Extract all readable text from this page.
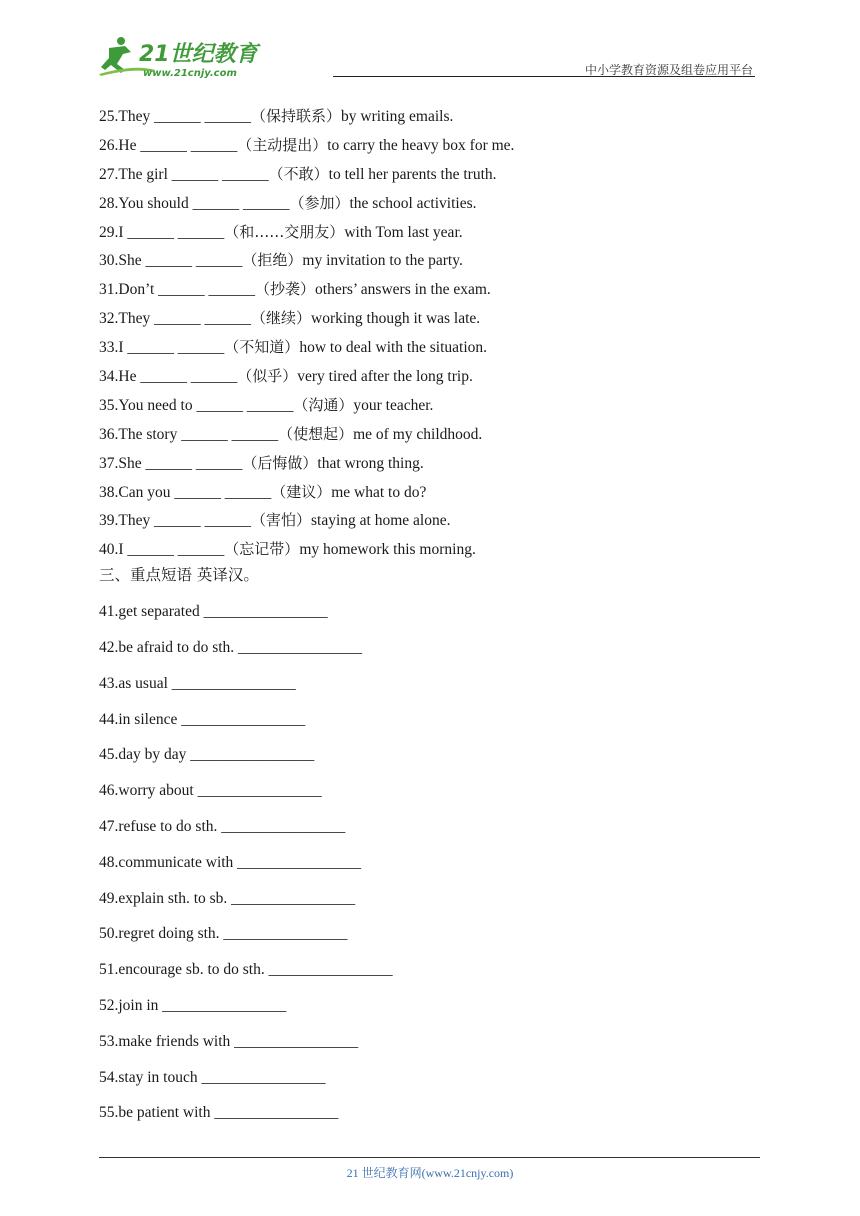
21世纪教育
www.21cnjy.com	中小学教育资源及组卷应用平台
25.They ______ ______（保持联系）by writing emails.
26.He ______ ______（主动提出）to carry the heavy box for me.
27.The girl ______ ______（不敢）to tell her parents the truth.
28.You should ______ ______（参加）the school activities.
29.I ______ ______（和……交朋友）with Tom last year.
30.She ______ ______（拒绝）my invitation to the party.
31.Don’t ______ ______（抄袭）others’ answers in the exam.
32.They ______ ______（继续）working though it was late.
33.I ______ ______（不知道）how to deal with the situation.
34.He ______ ______（似乎）very tired after the long trip.
35.You need to ______ ______（沟通）your teacher.
36.The story ______ ______（使想起）me of my childhood.
37.She ______ ______（后悔做）that wrong thing.
38.Can you ______ ______（建议）me what to do?
39.They ______ ______（害怕）staying at home alone.
40.I ______ ______（忘记带）my homework this morning.
三、重点短语 英译汉。
41.get separated ________________
42.be afraid to do sth. ________________
43.as usual ________________
44.in silence ________________
45.day by day ________________
46.worry about ________________
47.refuse to do sth. ________________
48.communicate with ________________
49.explain sth. to sb. ________________
50.regret doing sth. ________________
51.encourage sb. to do sth. ________________
52.join in ________________
53.make friends with ________________
54.stay in touch ________________
55.be patient with ________________
21 世纪教育网(www.21cnjy.com)
